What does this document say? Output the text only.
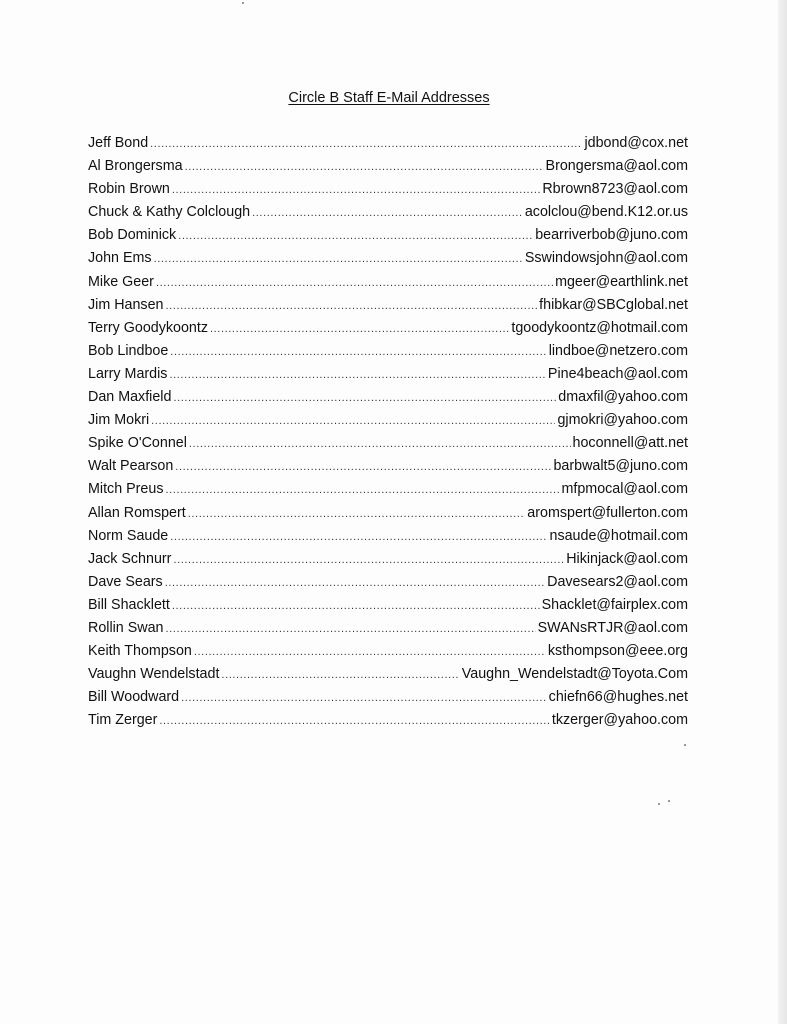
Circle B Staff E-Mail Addresses
Jeff Bond .....	jdbond@cox.net
Al Brongersma .....	Brongersma@aol.com
Robin Brown .....	Rbrown8723@aol.com
Chuck & Kathy Colclough .....	acolclou@bend.K12.or.us
Bob Dominick .....	bearriverbob@juno.com
John Ems .....	Sswindowsjohn@aol.com
Mike Geer .....	mgeer@earthlink.net
Jim Hansen .....	fhibkar@SBCglobal.net
Terry Goodykoontz .....	tgoodykoontz@hotmail.com
Bob Lindboe .....	lindboe@netzero.com
Larry Mardis .....	Pine4beach@aol.com
Dan Maxfield .....	dmaxfil@yahoo.com
Jim Mokri .....	gjmokri@yahoo.com
Spike O'Connel .....	hoconnell@att.net
Walt Pearson .....	barbwalt5@juno.com
Mitch Preus .....	mfpmocal@aol.com
Allan Romspert .....	aromspert@fullerton.com
Norm Saude .....	nsaude@hotmail.com
Jack Schnurr .....	Hikinjack@aol.com
Dave Sears .....	Davesears2@aol.com
Bill Shacklett .....	Shacklet@fairplex.com
Rollin Swan .....	SWANsRTJR@aol.com
Keith Thompson .....	ksthompson@eee.org
Vaughn Wendelstadt .....	Vaughn_Wendelstadt@Toyota.Com
Bill Woodward .....	chiefn66@hughes.net
Tim Zerger .....	tkzerger@yahoo.com
